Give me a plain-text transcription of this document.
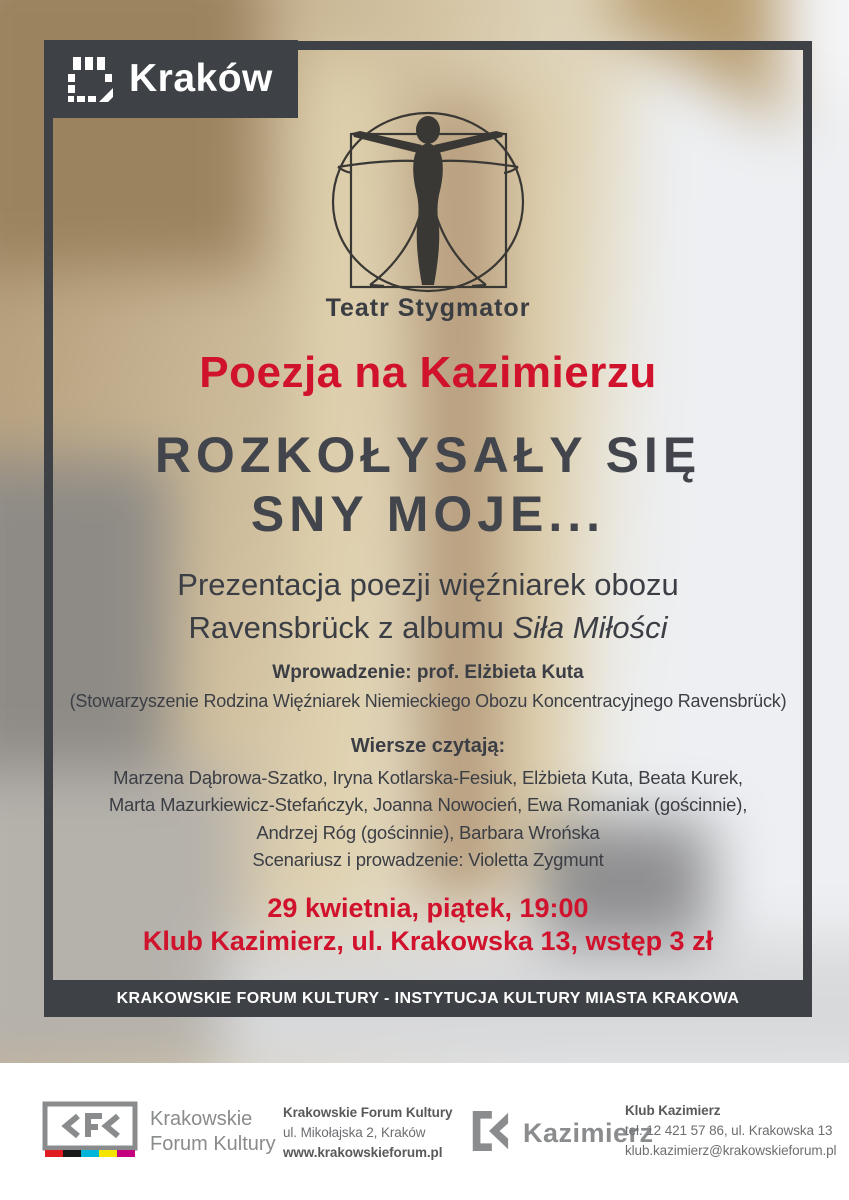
Kraków
Teatr Stygmator
Poezja na Kazimierzu
ROZKOŁYSAŁY SIĘ
SNY MOJE...
Prezentacja poezji więźniarek obozu
Ravensbrück z albumu Siła Miłości
Wprowadzenie: prof. Elżbieta Kuta
(Stowarzyszenie Rodzina Więźniarek Niemieckiego Obozu Koncentracyjnego Ravensbrück)
Wiersze czytają:
Marzena Dąbrowa-Szatko, Iryna Kotlarska-Fesiuk, Elżbieta Kuta, Beata Kurek,
Marta Mazurkiewicz-Stefańczyk, Joanna Nowocień, Ewa Romaniak (gościnnie),
Andrzej Róg (gościnnie), Barbara Wrońska
Scenariusz i prowadzenie: Violetta Zygmunt
29 kwietnia, piątek, 19:00
Klub Kazimierz, ul. Krakowska 13, wstęp 3 zł
KRAKOWSKIE FORUM KULTURY - INSTYTUCJA KULTURY MIASTA KRAKOWA
Krakowskie
Forum Kultury
Krakowskie Forum Kultury
ul. Mikołajska 2, Kraków
www.krakowskieforum.pl
Kazimierz
Klub Kazimierz
tel. 12 421 57 86, ul. Krakowska 13
klub.kazimierz@krakowskieforum.pl
